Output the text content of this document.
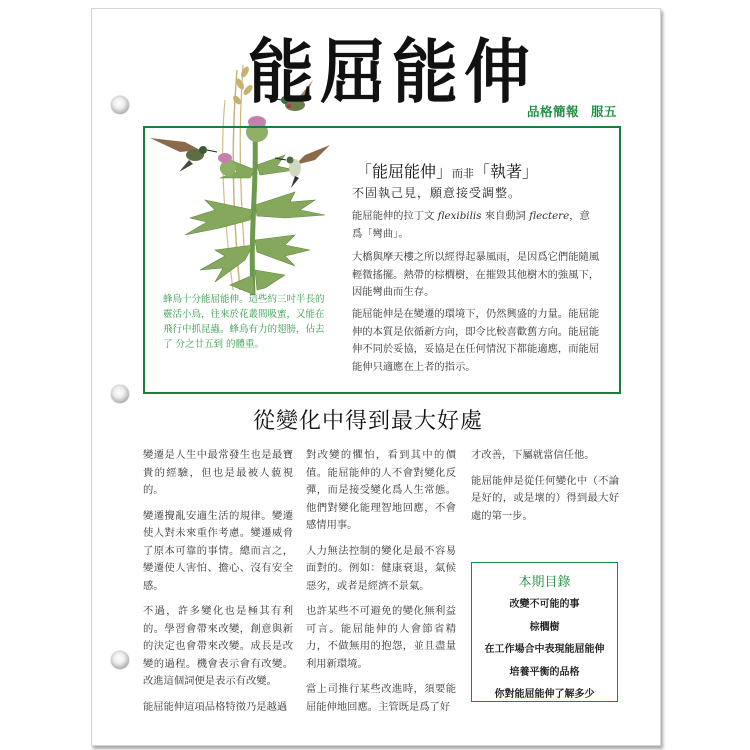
能屈能伸
品格簡報 服五
蜂鳥十分能屈能伸。這些約三吋半長的靈活小鳥，往來於花叢間吸蜜，又能在飛行中抓昆蟲。蜂鳥有力的翅膀，佔去了 分之廿五到 的體重。
「能屈能伸」而非「執著」
不固執己見，願意接受調整。
能屈能伸的拉丁文 flexibilis 來自動詞 flectere，意爲「彎曲」。
大橋與摩天樓之所以經得起暴風雨，是因爲它們能隨風輕微搖擺。熱帶的棕櫚樹，在摧毀其他樹木的強風下，因能彎曲而生存。
能屈能伸是在變遷的環境下，仍然興盛的力量。能屈能伸的本質是依循新方向，即令比較喜歡舊方向。能屈能伸不同於妥協，妥協是在任何情況下都能適應，而能屈能伸只適應在上者的指示。
從變化中得到最大好處

變遷是人生中最常發生也是最寶貴的經驗，但也是最被人藐視的。

變遷攪亂安適生活的規律。變遷使人對未來重作考慮。變遷威脅了原本可靠的事情。總而言之，變遷使人害怕、擔心、沒有安全感。

不過，許多變化也是極其有利的。學習會帶來改變，創意與新的決定也會帶來改變。成長是改變的過程。機會表示會有改變。改進這個詞便是表示有改變。

能屈能伸這項品格特徵乃是越過

對改變的懼怕，看到其中的價值。能屈能伸的人不會對變化反彈，而是接受變化爲人生常態。他們對變化能理智地回應，不會感情用事。

人力無法控制的變化是最不容易面對的。例如：健康衰退，氣候惡劣，或者是經濟不景氣。

也許某些不可避免的變化無利益可言。能屈能伸的人會節省精力，不做無用的抱怨，並且盡量利用新環境。

當上司推行某些改進時，須要能屈能伸地回應。主管既是爲了好

才改善，下屬就當信任他。

能屈能伸是從任何變化中（不論是好的，或是壞的）得到最大好處的第一步。

本期目錄
改變不可能的事
棕櫚樹
在工作場合中表現能屈能伸
培養平衡的品格
你對能屈能伸了解多少
